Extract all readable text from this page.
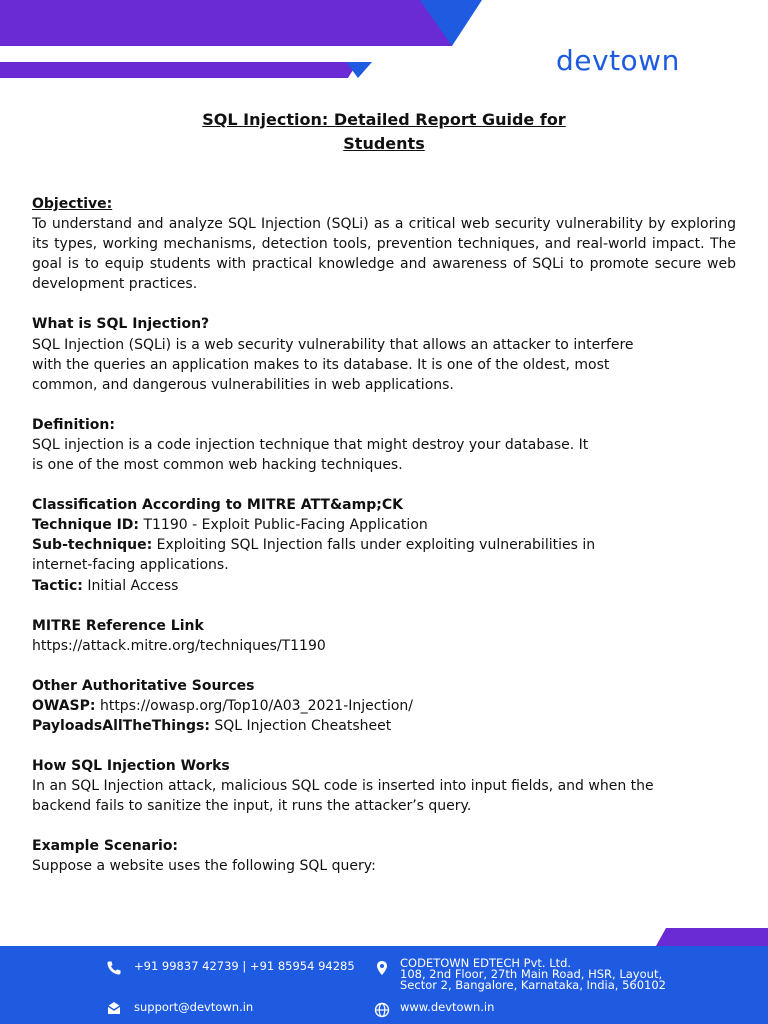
devtown
SQL Injection: Detailed Report Guide for
Students

Objective:

To understand and analyze SQL Injection (SQLi) as a critical web security vulnerability by exploring its types, working mechanisms, detection tools, prevention techniques, and real-world impact. The goal is to equip students with practical knowledge and awareness of SQLi to promote secure web development practices.

What is SQL Injection?

SQL Injection (SQLi) is a web security vulnerability that allows an attacker to interfere

with the queries an application makes to its database. It is one of the oldest, most

common, and dangerous vulnerabilities in web applications.

Definition:

SQL injection is a code injection technique that might destroy your database. It

is one of the most common web hacking techniques.

Classification According to MITRE ATT&amp;CK

Technique ID: T1190 - Exploit Public-Facing Application

Sub-technique: Exploiting SQL Injection falls under exploiting vulnerabilities in

internet-facing applications.

Tactic: Initial Access

MITRE Reference Link

https://attack.mitre.org/techniques/T1190

Other Authoritative Sources

OWASP: https://owasp.org/Top10/A03_2021-Injection/

PayloadsAllTheThings: SQL Injection Cheatsheet

How SQL Injection Works

In an SQL Injection attack, malicious SQL code is inserted into input fields, and when the

backend fails to sanitize the input, it runs the attacker’s query.

Example Scenario:

Suppose a website uses the following SQL query:

+91 99837 42739 | +91 85954 94285	CODETOWN EDTECH Pvt. Ltd.
108, 2nd Floor, 27th Main Road, HSR, Layout,
Sector 2, Bangalore, Karnataka, India, 560102
support@devtown.in	www.devtown.in
